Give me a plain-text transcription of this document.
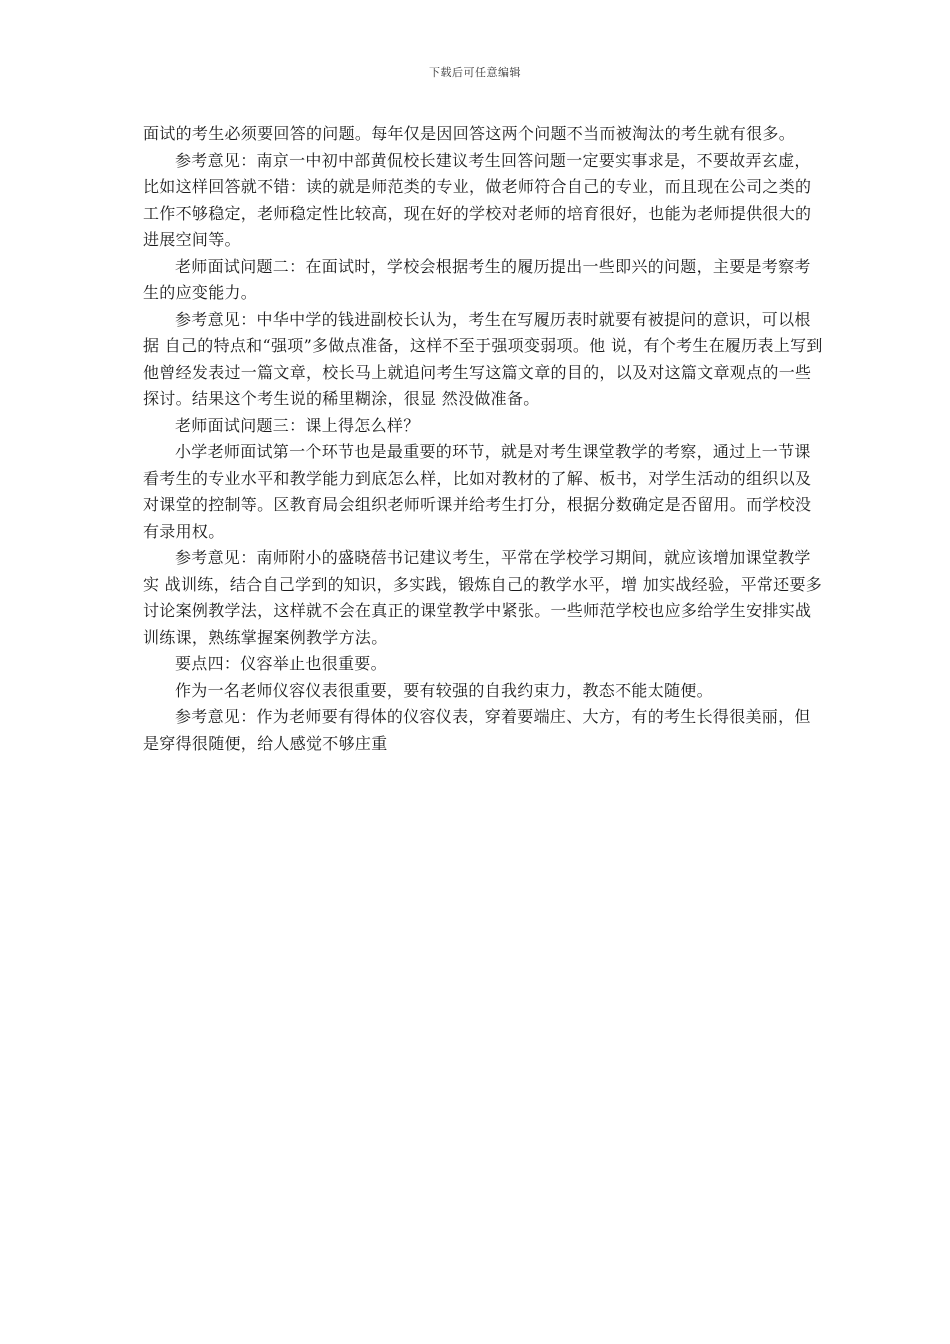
下载后可任意编辑

面试的考生必须要回答的问题。每年仅是因回答这两个问题不当而被淘汰的考生就有很多。

参考意见：南京一中初中部黄侃校长建议考生回答问题一定要实事求是，不要故弄玄虚，比如这样回答就不错：读的就是师范类的专业，做老师符合自己的专业，而且现在公司之类的工作不够稳定，老师稳定性比较高，现在好的学校对老师的培育很好，也能为老师提供很大的进展空间等。

老师面试问题二：在面试时，学校会根据考生的履历提出一些即兴的问题，主要是考察考生的应变能力。

参考意见：中华中学的钱进副校长认为，考生在写履历表时就要有被提问的意识，可以根据 自己的特点和“强项”多做点准备，这样不至于强项变弱项。他 说，有个考生在履历表上写到他曾经发表过一篇文章，校长马上就追问考生写这篇文章的目的，以及对这篇文章观点的一些探讨。结果这个考生说的稀里糊涂，很显 然没做准备。

老师面试问题三：课上得怎么样？

小学老师面试第一个环节也是最重要的环节，就是对考生课堂教学的考察，通过上一节课看考生的专业水平和教学能力到底怎么样，比如对教材的了解、板书，对学生活动的组织以及对课堂的控制等。区教育局会组织老师听课并给考生打分，根据分数确定是否留用。而学校没有录用权。

参考意见：南师附小的盛晓蓓书记建议考生，平常在学校学习期间，就应该增加课堂教学实 战训练，结合自己学到的知识，多实践，锻炼自己的教学水平，增 加实战经验，平常还要多讨论案例教学法，这样就不会在真正的课堂教学中紧张。一些师范学校也应多给学生安排实战训练课，熟练掌握案例教学方法。

要点四：仪容举止也很重要。

作为一名老师仪容仪表很重要，要有较强的自我约束力，教态不能太随便。

参考意见：作为老师要有得体的仪容仪表，穿着要端庄、大方，有的考生长得很美丽，但是穿得很随便，给人感觉不够庄重
